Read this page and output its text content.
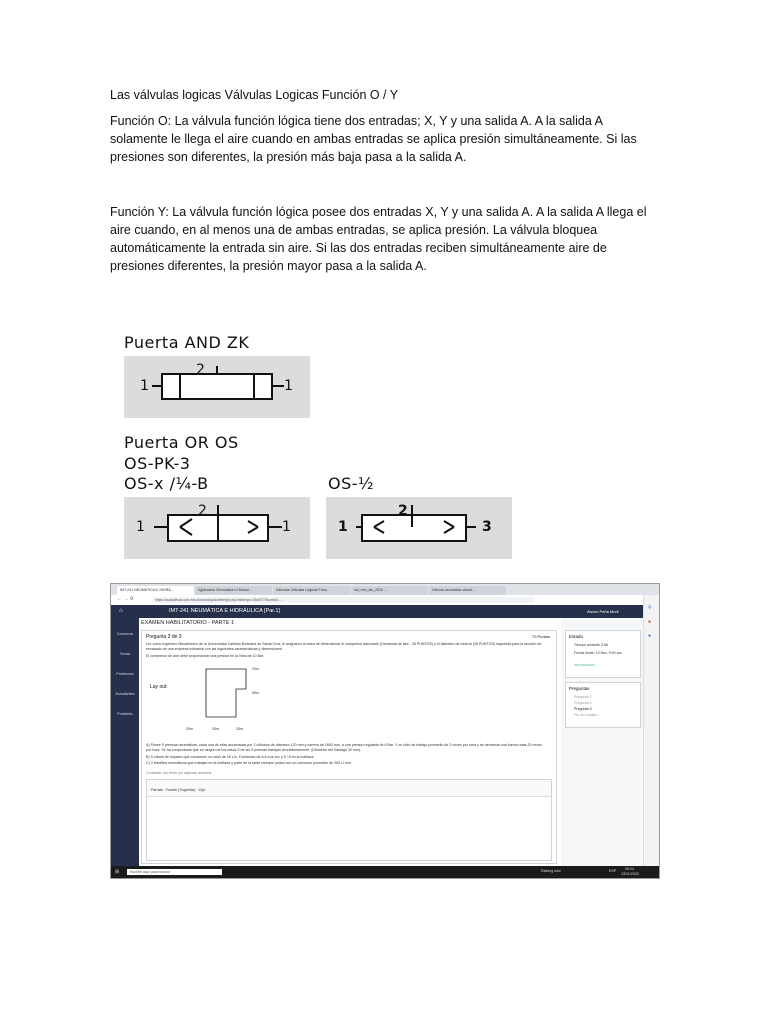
Las válvulas logicas Válvulas Logicas Función O / Y
Función O: La válvula función lógica tiene dos entradas; X, Y y una salida A. A la salida A solamente le llega el aire cuando en ambas entradas se aplica presión simultáneamente. Si las presiones son diferentes, la presión más baja pasa a la salida A.
Función Y: La válvula función lógica posee dos entradas X, Y y una salida A. A la salida A llega el aire cuando, en al menos una de ambas entradas, se aplica presión. La válvula bloquea automáticamente la entrada sin aire. Si las dos entradas reciben simultáneamente aire de presiones diferentes, la presión mayor pasa a la salida A.
Puerta AND ZK
1
2
1
Puerta OR OS
OS-PK-3
OS-x /¼-B	OS-½
1
2
1	1
2
3
IMT-241 NEUMÁTICA E HIDRÁ...	Agilizacion Neumatica e Hidraul...	Válvulas Válvulas Lógicas Func...	val_mm_lav_2020 ...	Válvula neumática virtual...
← → ⟳	https://aulavirtual.ucb.edu.bo/mod/quiz/attempt.php?attempt=2648779&cmid=...
⌂	IMT-241 NEUMÁTICA E HIDRÁULICA [Par.1]	Alvaro Peña Mudi
Comenzar
Temas
Profesores
Estudiantes
Portafolio
EXAMEN HABILITATORIO - PARTE 1
Pregunta 3 de 3	70 Puntos
Ud. como Ingeniero Mecatrónico de la Universidad Católica Boliviana de Santa Cruz, le asignaron la tarea de dimensionar el compresor adecuado (Demanda de aire - 35 PUNTOS) y el diámetro de tubería (35 PUNTOS) requerida para la sección de envasado de una empresa industrial con las siguientes características y dimensiones:
El compresor de aire debe proporcionar una presión en la línea de 10 Bar.
Lay out:
20m
30m	30m
50m
20m
A) Posee 5 prensas neumáticas, cada una de ellas accionadas por 2 cilindros de diámetro 120 mm y carrera de 1600 mm, a una presión regulada de 6 Bar. Y un ciclo de trabajo promedio de 3 veces por hora y se demanda una fuerza unas 20 veces por hora. Se ha comprobado que en ningún de los casos 3 de las 5 prensas trabajan simultáneamente. (Diámetro del Vástago 32 mm).
B) 3 Llaves de impacto que consumen un valor de 16 L/s. Funcionan de a 8 a la vez y 5 / 8 en la mañana.
C) 3 Martillos neumáticos que trabajan en la mañana y parte de la tarde siempre juntos con un consumo promedio de 200 L/ min.
Contestar con texto y/o adjuntar archivos
Párrafo · Fuente (Sugerida) · 12pt
Estado
Tiempo restante 3:56
Fecha límite: 13 Nov, 9:00 am
Inscripciones
Preguntas
Pregunta 1
Pregunta 2
Pregunta 3
Fin del cuestio...
⚲
●
●
⊞	Escribe aquí para buscar	Raining now	ESP 09:24
13/11/2020
